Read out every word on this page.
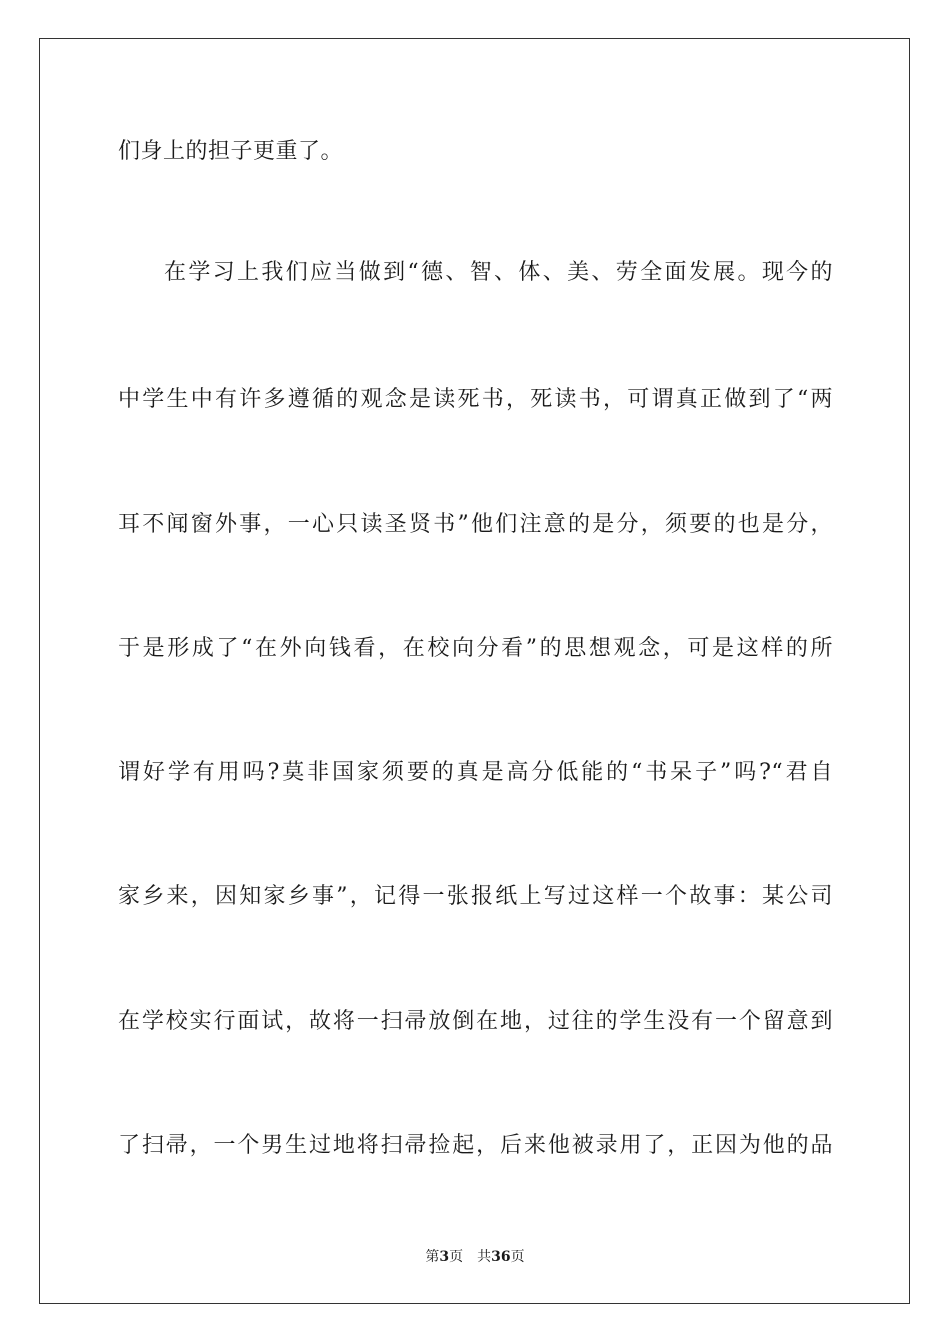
们身上的担子更重了。
在学习上我们应当做到“德、智、体、美、劳全面发展。现今的
中学生中有许多遵循的观念是读死书，死读书，可谓真正做到了“两
耳不闻窗外事，一心只读圣贤书”他们注意的是分，须要的也是分，
于是形成了“在外向钱看，在校向分看”的思想观念，可是这样的所
谓好学有用吗?莫非国家须要的真是高分低能的“书呆子”吗?“君自
家乡来，因知家乡事”，记得一张报纸上写过这样一个故事：某公司
在学校实行面试，故将一扫帚放倒在地，过往的学生没有一个留意到
了扫帚，一个男生过地将扫帚捡起，后来他被录用了，正因为他的品
第3页 共36页
